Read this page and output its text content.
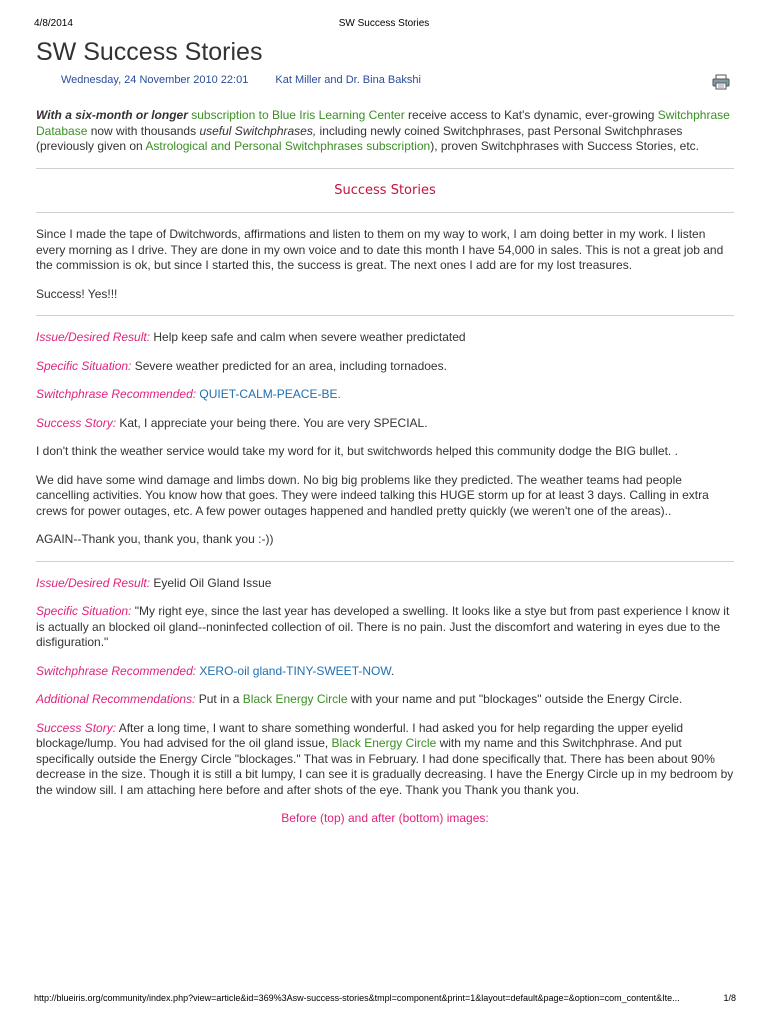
4/8/2014	SW Success Stories
SW Success Stories
Wednesday, 24 November 2010 22:01 Kat Miller and Dr. Bina Bakshi

With a six-month or longer subscription to Blue Iris Learning Center receive access to Kat's dynamic, ever-growing Switchphrase Database now with thousands useful Switchphrases, including newly coined Switchphrases, past Personal Switchphrases (previously given on Astrological and Personal Switchphrases subscription), proven Switchphrases with Success Stories, etc.

Success Stories

Since I made the tape of Dwitchwords, affirmations and listen to them on my way to work, I am doing better in my work. I listen every morning as I drive. They are done in my own voice and to date this month I have 54,000 in sales. This is not a great job and the commission is ok, but since I started this, the success is great. The next ones I add are for my lost treasures.

Success! Yes!!!

Issue/Desired Result: Help keep safe and calm when severe weather predictated

Specific Situation: Severe weather predicted for an area, including tornadoes.

Switchphrase Recommended: QUIET-CALM-PEACE-BE.

Success Story: Kat, I appreciate your being there. You are very SPECIAL.

I don't think the weather service would take my word for it, but switchwords helped this community dodge the BIG bullet. .

We did have some wind damage and limbs down. No big big problems like they predicted. The weather teams had people cancelling activities. You know how that goes. They were indeed talking this HUGE storm up for at least 3 days. Calling in extra crews for power outages, etc. A few power outages happened and handled pretty quickly (we weren't one of the areas)..

AGAIN--Thank you, thank you, thank you :-))

Issue/Desired Result: Eyelid Oil Gland Issue

Specific Situation: "My right eye, since the last year has developed a swelling. It looks like a stye but from past experience I know it is actually an blocked oil gland--noninfected collection of oil. There is no pain. Just the discomfort and watering in eyes due to the disfiguration."

Switchphrase Recommended: XERO-oil gland-TINY-SWEET-NOW.

Additional Recommendations: Put in a Black Energy Circle with your name and put "blockages" outside the Energy Circle.

Success Story: After a long time, I want to share something wonderful. I had asked you for help regarding the upper eyelid blockage/lump. You had advised for the oil gland issue, Black Energy Circle with my name and this Switchphrase. And put specifically outside the Energy Circle "blockages." That was in February. I had done specifically that. There has been about 90% decrease in the size. Though it is still a bit lumpy, I can see it is gradually decreasing. I have the Energy Circle up in my bedroom by the window sill. I am attaching here before and after shots of the eye. Thank you Thank you thank you.

Before (top) and after (bottom) images:

http://blueiris.org/community/index.php?view=article&id=369%3Asw-success-stories&tmpl=component&print=1&layout=default&page=&option=com_content&Ite...	1/8
